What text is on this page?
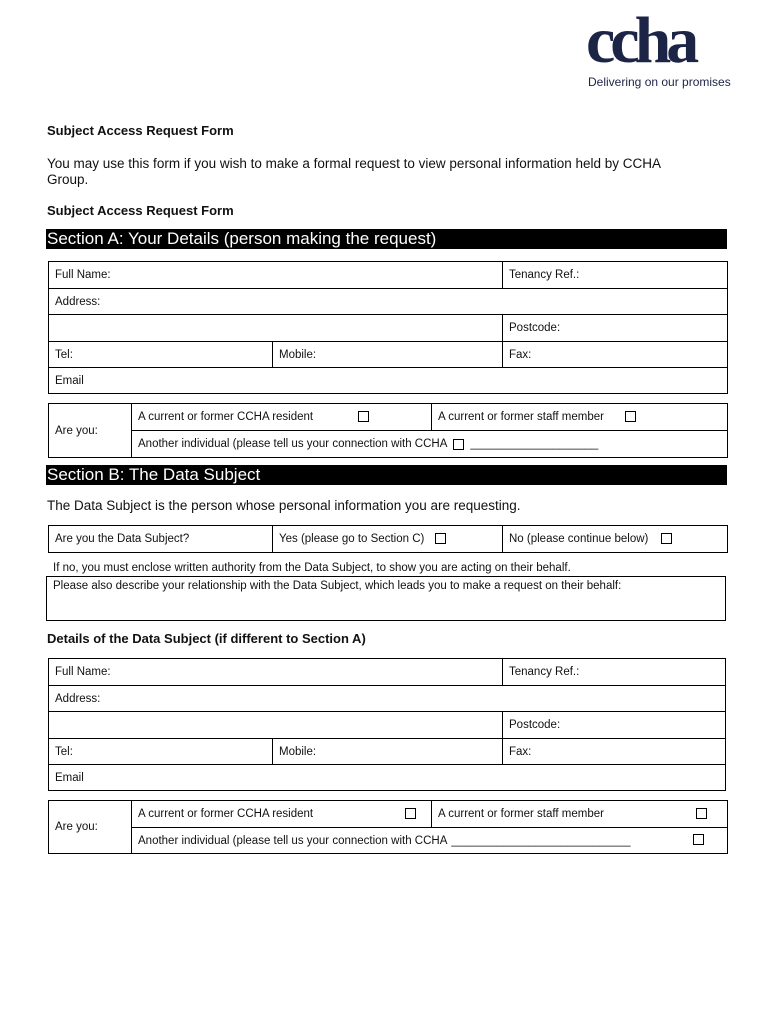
ccha
Delivering on our promises
Subject Access Request Form
You may use this form if you wish to make a formal request to view personal information held by CCHA Group.
Subject Access Request Form
Section A: Your Details (person making the request)
Full Name:	Tenancy Ref.:
Address:
Postcode:
Tel:	Mobile:	Fax:
Email
Are you:
A current or former CCHA resident	A current or former staff member
Another individual (please tell us your connection with CCHA ____________________
Section B: The Data Subject
The Data Subject is the person whose personal information you are requesting.
Are you the Data Subject?	Yes (please go to Section C)	No (please continue below)
If no, you must enclose written authority from the Data Subject, to show you are acting on their behalf.
Please also describe your relationship with the Data Subject, which leads you to make a request on their behalf:
Details of the Data Subject (if different to Section A)
Full Name:	Tenancy Ref.:
Address:
Postcode:
Tel:	Mobile:	Fax:
Email
Are you:
A current or former CCHA resident	A current or former staff member
Another individual (please tell us your connection with CCHA ____________________________
